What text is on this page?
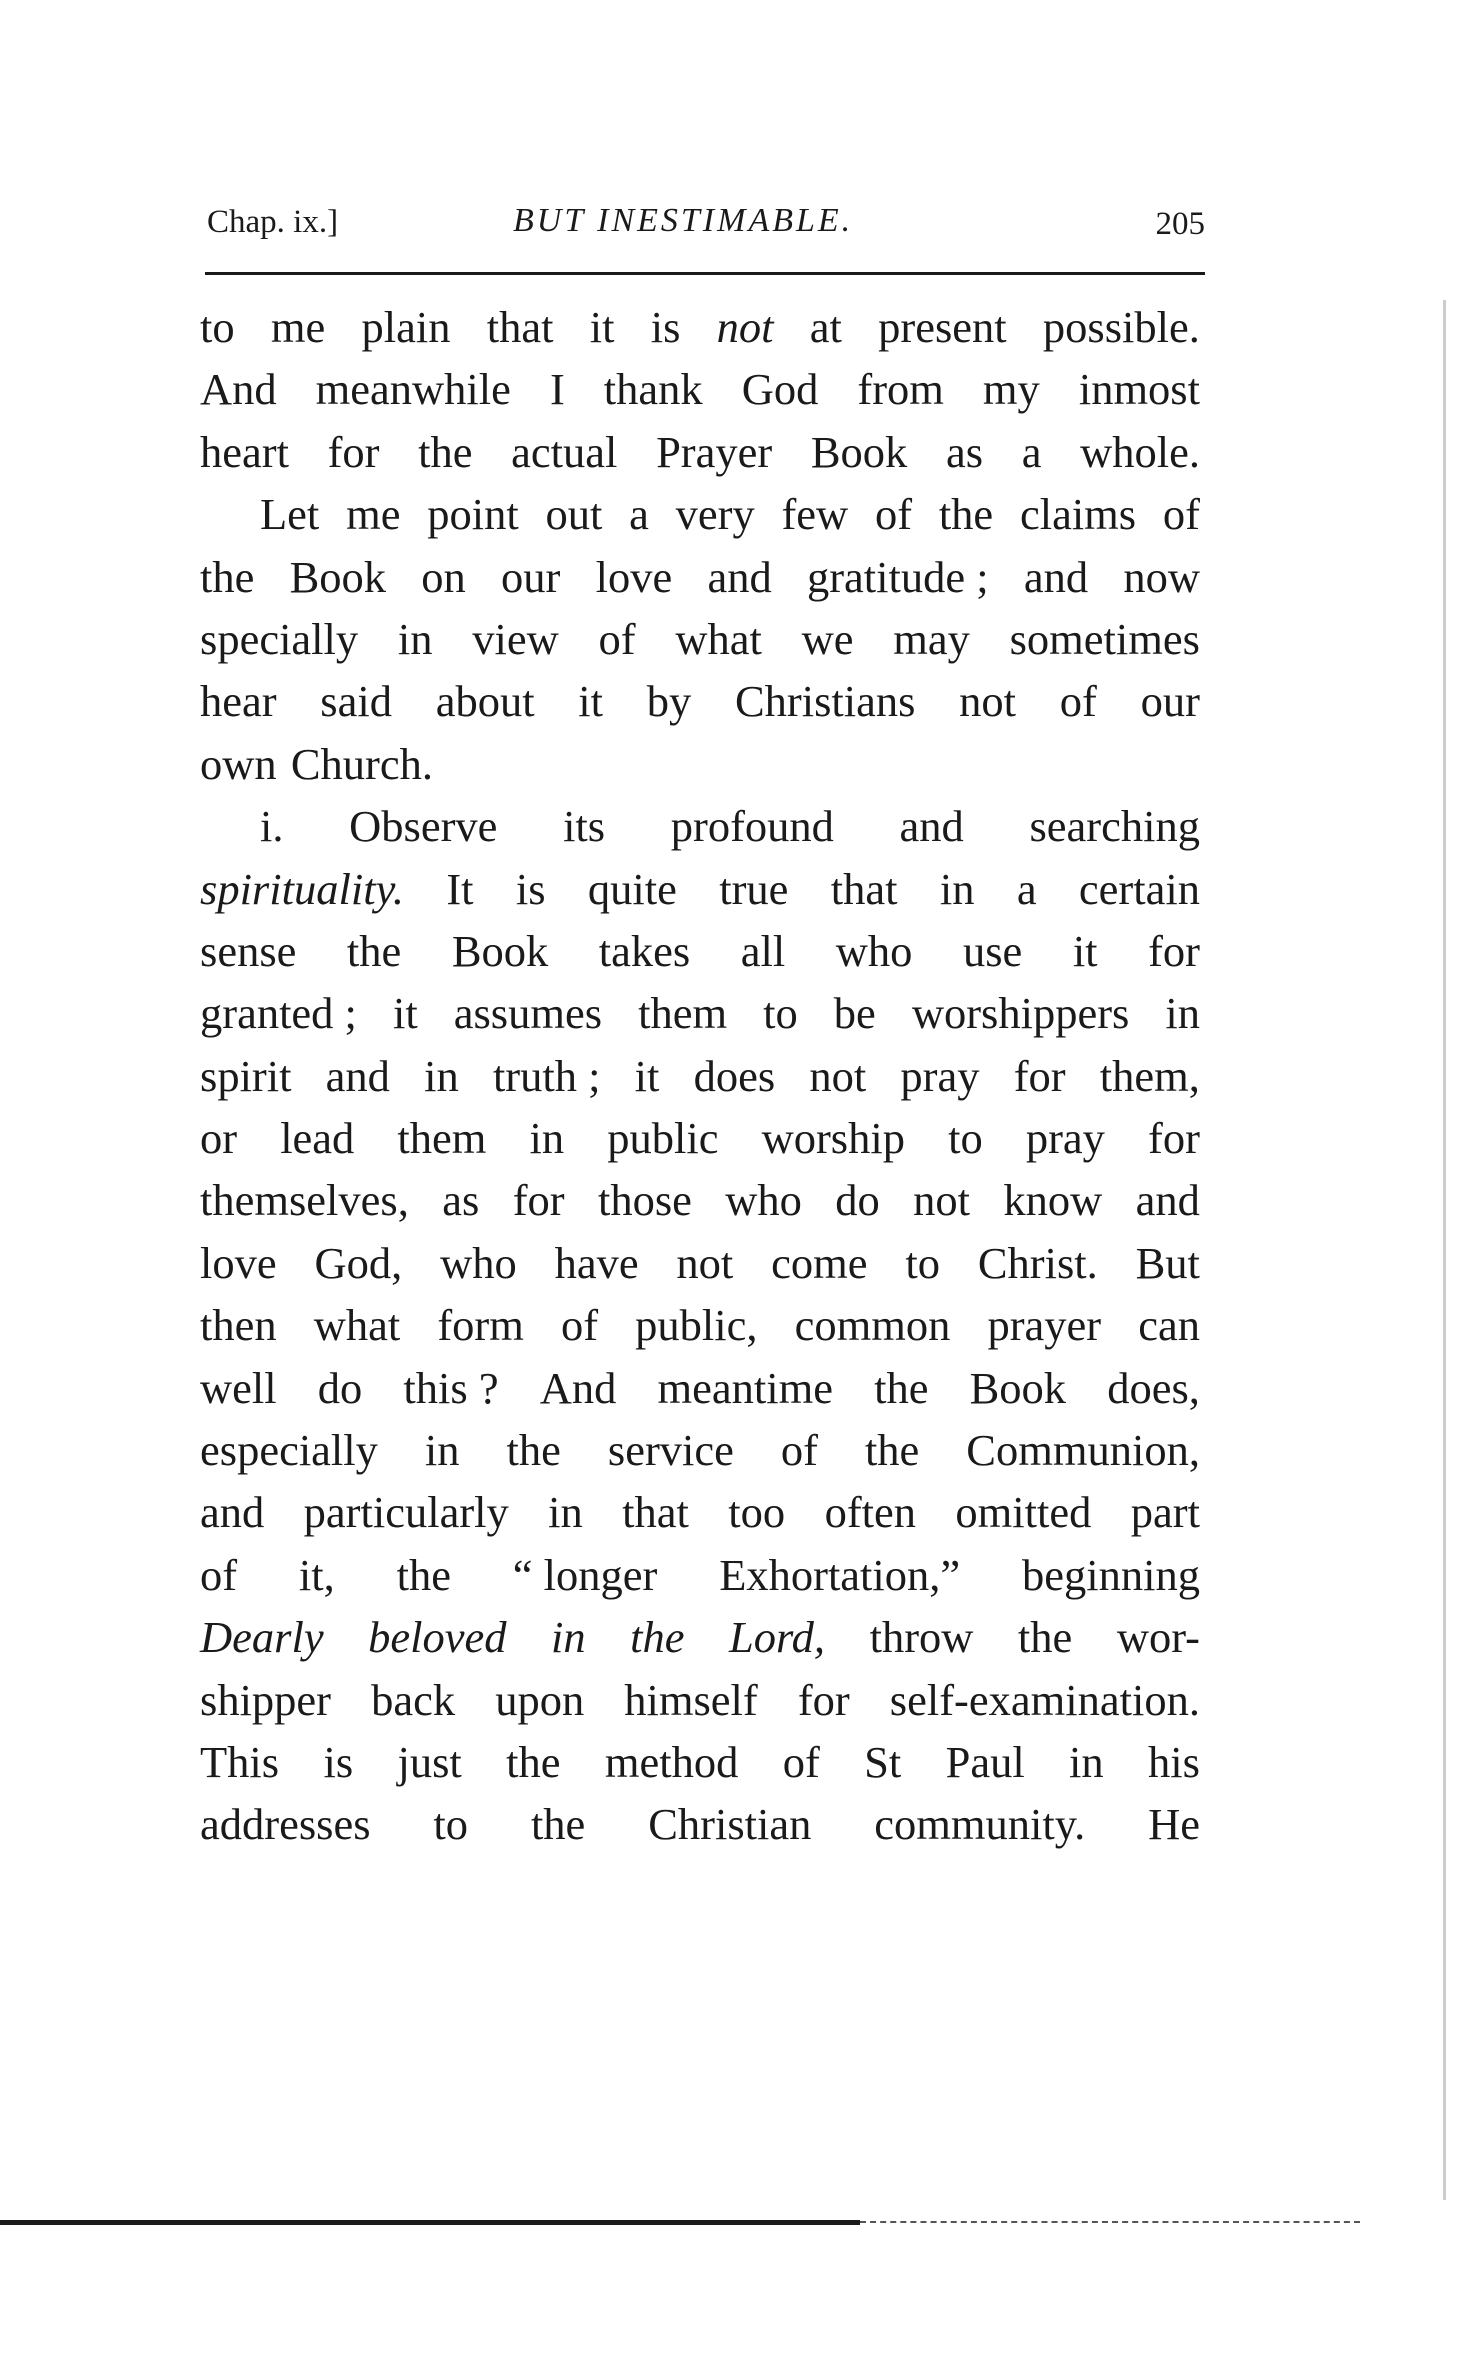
Chap. ix.]	BUT INESTIMABLE.	205
to me plain that it is not at present possible.
And meanwhile I thank God from my inmost
heart for the actual Prayer Book as a whole.
Let me point out a very few of the claims of
the Book on our love and gratitude ; and now
specially in view of what we may sometimes
hear said about it by Christians not of our
own Church.
i. Observe its profound and searching
spirituality. It is quite true that in a certain
sense the Book takes all who use it for
granted ; it assumes them to be worshippers in
spirit and in truth ; it does not pray for them,
or lead them in public worship to pray for
themselves, as for those who do not know and
love God, who have not come to Christ. But
then what form of public, common prayer can
well do this ? And meantime the Book does,
especially in the service of the Communion,
and particularly in that too often omitted part
of it, the “ longer Exhortation,” beginning
Dearly beloved in the Lord, throw the wor-
shipper back upon himself for self-examination.
This is just the method of St Paul in his
addresses to the Christian community. He
